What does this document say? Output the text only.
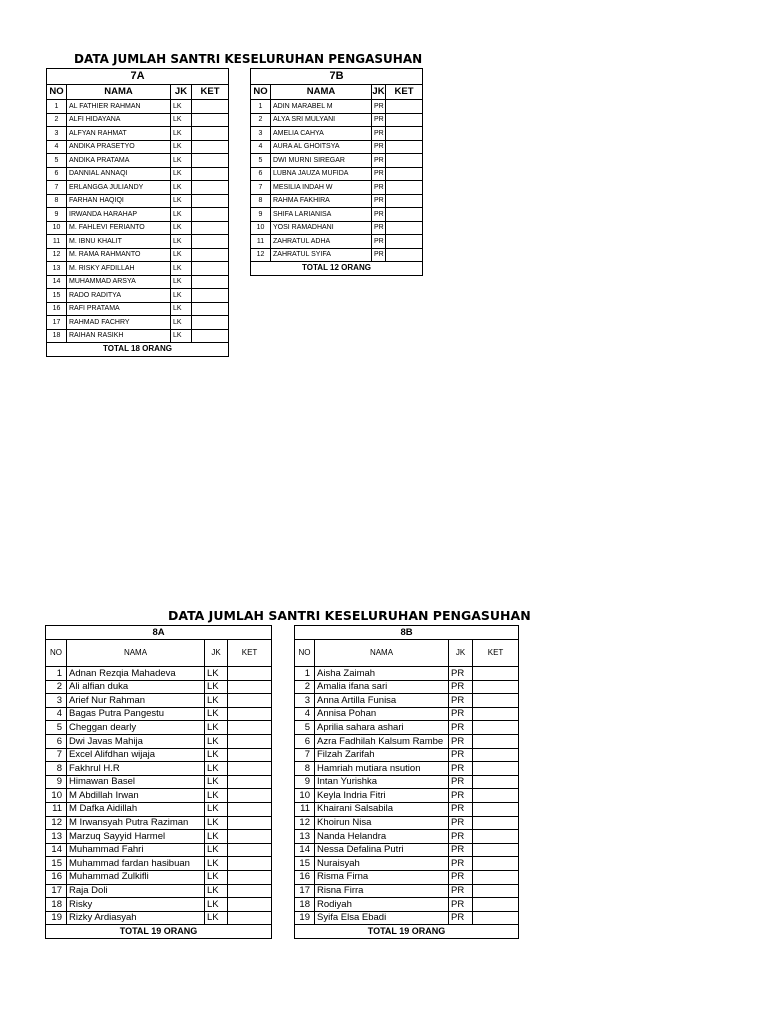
DATA JUMLAH SANTRI KESELURUHAN PENGASUHAN
7A			
NO	NAMA	JK	KET
1	AL FATHIER RAHMAN	LK	
2	ALFI HIDAYANA	LK	
3	ALFYAN RAHMAT	LK	
4	ANDIKA PRASETYO	LK	
5	ANDIKA PRATAMA	LK	
6	DANNIAL ANNAQI	LK	
7	ERLANGGA JULIANDY	LK	
8	FARHAN HAQIQI	LK	
9	IRWANDA HARAHAP	LK	
10	M. FAHLEVI FERIANTO	LK	
11	M. IBNU KHALIT	LK	
12	M. RAMA RAHMANTO	LK	
13	M. RISKY AFDILLAH	LK	
14	MUHAMMAD ARSYA	LK	
15	RADO RADITYA	LK	
16	RAFI PRATAMA	LK	
17	RAHMAD FACHRY	LK	
18	RAIHAN RASIKH	LK	
TOTAL 18 ORANG			
7B			
NO	NAMA	JK	KET
1	ADIN MARABEL M	PR	
2	ALYA SRI MULYANI	PR	
3	AMELIA CAHYA	PR	
4	AURA AL GHOITSYA	PR	
5	DWI MURNI SIREGAR	PR	
6	LUBNA JAUZA MUFIDA	PR	
7	MESILIA INDAH W	PR	
8	RAHMA FAKHIRA	PR	
9	SHIFA LARIANISA	PR	
10	YOSI RAMADHANI	PR	
11	ZAHRATUL ADHA	PR	
12	ZAHRATUL SYIFA	PR	
TOTAL 12 ORANG			
DATA JUMLAH SANTRI KESELURUHAN PENGASUHAN
8A			
NO	NAMA	JK	KET
1	Adnan Rezqia Mahadeva	LK	
2	Ali alfian duka	LK	
3	Arief Nur Rahman	LK	
4	Bagas Putra Pangestu	LK	
5	Cheggan dearly	LK	
6	Dwi Javas Mahija	LK	
7	Excel Alifdhan wijaja	LK	
8	Fakhrul H.R	LK	
9	Himawan Basel	LK	
10	M Abdillah Irwan	LK	
11	M Dafka Aidillah	LK	
12	M Irwansyah Putra Raziman	LK	
13	Marzuq Sayyid Harmel	LK	
14	Muhammad Fahri	LK	
15	Muhammad fardan hasibuan	LK	
16	Muhammad Zulkifli	LK	
17	Raja Doli	LK	
18	Risky	LK	
19	Rizky Ardiasyah	LK	
TOTAL 19 ORANG			
8B			
NO	NAMA	JK	KET
1	Aisha Zaimah	PR	
2	Amalia ifana sari	PR	
3	Anna Artilla Funisa	PR	
4	Annisa Pohan	PR	
5	Aprilia sahara ashari	PR	
6	Azra Fadhilah Kalsum Rambe	PR	
7	Filzah Zarifah	PR	
8	Hamriah mutiara nsution	PR	
9	Intan Yurishka	PR	
10	Keyla Indria Fitri	PR	
11	Khairani Salsabila	PR	
12	Khoirun Nisa	PR	
13	Nanda Helandra	PR	
14	Nessa Defalina Putri	PR	
15	Nuraisyah	PR	
16	Risma Firna	PR	
17	Risna Firra	PR	
18	Rodiyah	PR	
19	Syifa Elsa Ebadi	PR	
TOTAL 19 ORANG			
